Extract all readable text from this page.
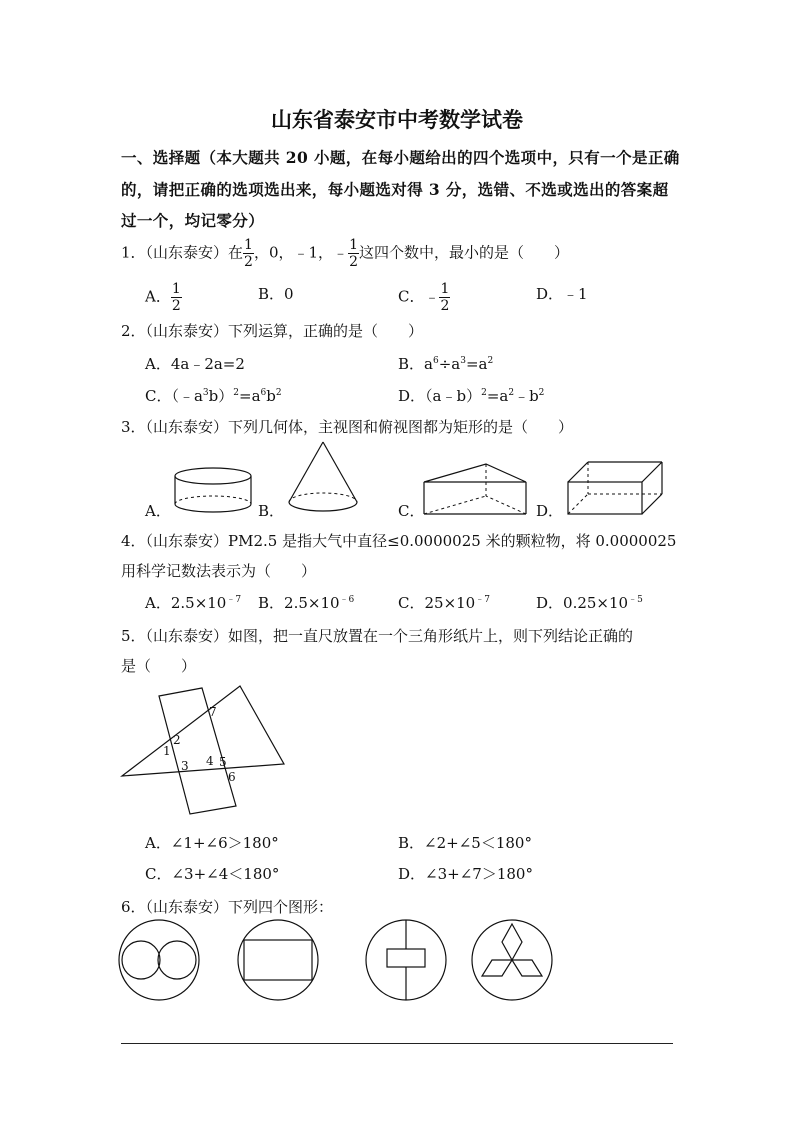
山东省泰安市中考数学试卷
一、选择题（本大题共 20 小题，在每小题给出的四个选项中，只有一个是正确
的，请把正确的选项选出来，每小题选对得 3 分，选错、不选或选出的答案超
过一个，均记零分）
1．（山东泰安）在 $\frac{1}{2}$ ，0，﹣1，﹣ $\frac{1}{2}$ 这四个数中，最小的是（　　）
A． $\frac{1}{2}$	B．0	C．﹣ $\frac{1}{2}$	D．﹣1
2．（山东泰安）下列运算，正确的是（　　）
A．4a﹣2a=2	B．$a^6\div a^3=a^2$
C．$(﹣a^3b)^2=a^6b^2$	D．$(a﹣b)^2=a^2﹣b^2$
3．（山东泰安）下列几何体，主视图和俯视图都为矩形的是（　　）
A．	B．	C．	D．
4．（山东泰安）PM2.5 是指大气中直径≤0.0000025 米的颗粒物，将 0.0000025
用科学记数法表示为（　　）
A．$2.5\times 10^{﹣7}$ B．$2.5\times 10^{﹣6}$	C．$25\times 10^{﹣7}$	D．$0.25\times 10^{﹣5}$
5．（山东泰安）如图，把一直尺放置在一个三角形纸片上，则下列结论正确的
是（　　）
1
2
3 4 5
6
7
A．∠1+∠6＞180°	B．∠2+∠5＜180°
C．∠3+∠4＜180°	D．∠3+∠7＞180°
6．（山东泰安）下列四个图形：
